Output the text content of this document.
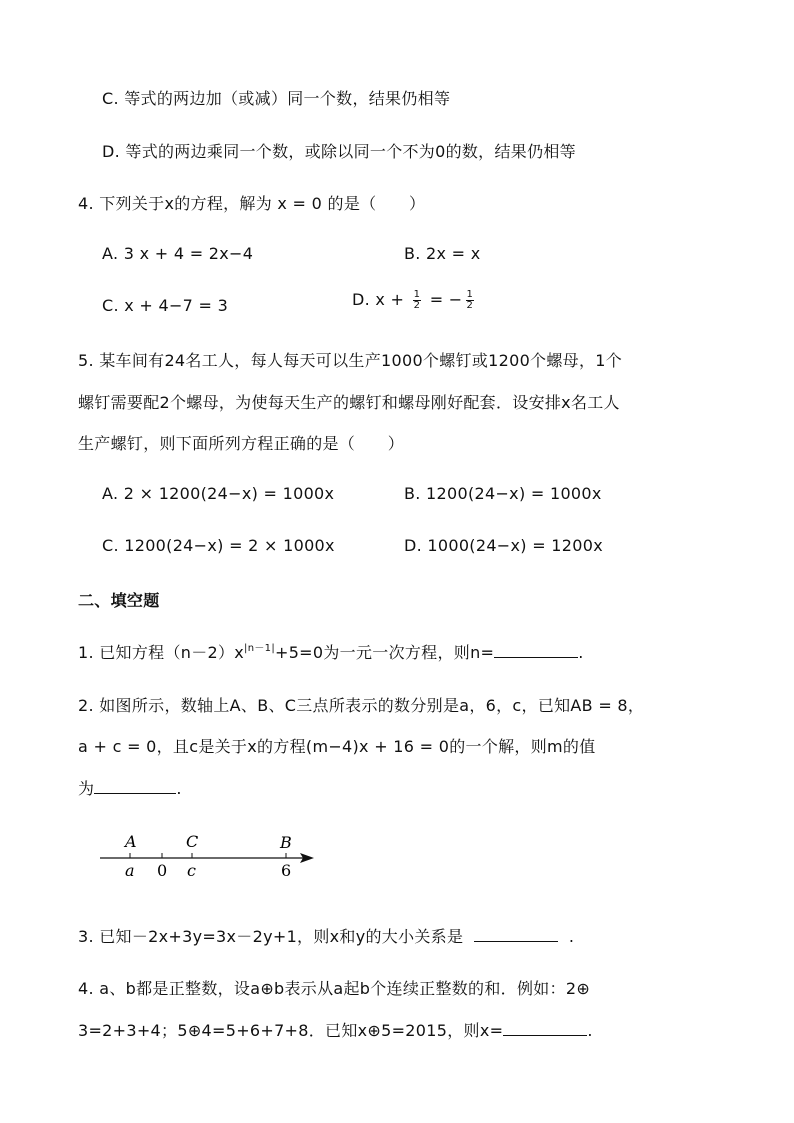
C. 等式的两边加（或减）同一个数，结果仍相等
D. 等式的两边乘同一个数，或除以同一个不为0的数，结果仍相等
4. 下列关于x的方程，解为 x = 0 的是（　　）
A. 3 x + 4 = 2x−4	B. 2x = x
C. x + 4−7 = 3	D. $x + \frac{1}{2}$ = − $\frac{1}{2}$
5. 某车间有24名工人，每人每天可以生产1000个螺钉或1200个螺母，1个
螺钉需要配2个螺母，为使每天生产的螺钉和螺母刚好配套．设安排x名工人
生产螺钉，则下面所列方程正确的是（　　）
A. 2 × 1200(24−x) = 1000x	B. 1200(24−x) = 1000x
C. 1200(24−x) = 2 × 1000x	D. 1000(24−x) = 1200x
二、填空题
1. 已知方程$(n-2)x^{|n-1|}+5=0$为一元一次方程，则n=	.
2. 如图所示，数轴上A、B、C三点所表示的数分别是a，6，c，已知AB = 8，
a + c = 0，且c是关于x的方程(m−4)x + 16 = 0的一个解，则m的值
为	.
A	C	B
a 0 c	6
3. 已知－2x+3y=3x－2y+1，则x和y的大小关系是	.
4. a、b都是正整数，设a⊕b表示从a起b个连续正整数的和．例如：2⊕
3=2+3+4；5⊕4=5+6+7+8．已知x⊕5=2015，则x=	.
